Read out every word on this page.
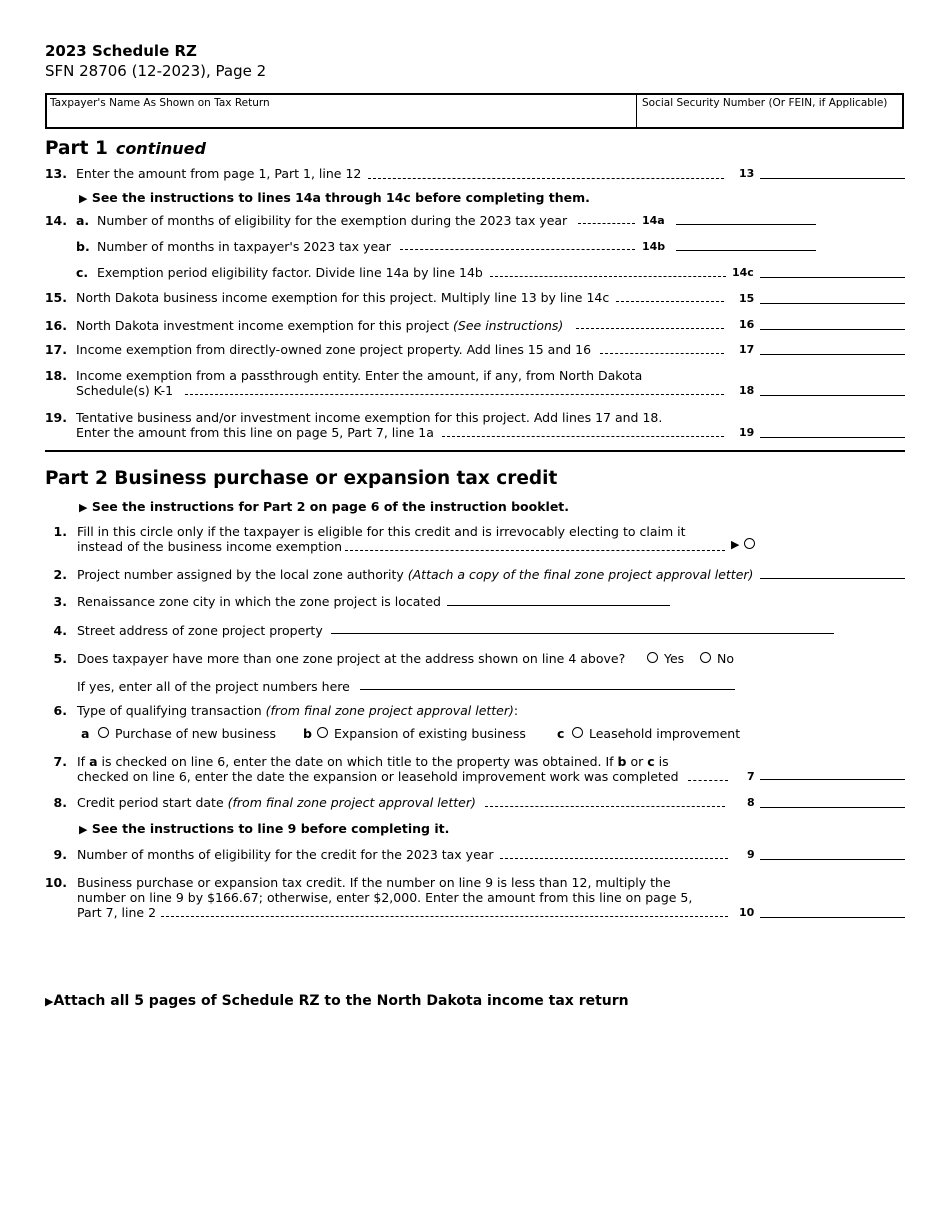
2023 Schedule RZ
SFN 28706 (12-2023), Page 2
Taxpayer's Name As Shown on Tax Return	Social Security Number (Or FEIN, if Applicable)
Part 1 continued
13. Enter the amount from page 1, Part 1, line 12	13
▶ See the instructions to lines 14a through 14c before completing them.
14. a. Number of months of eligibility for the exemption during the 2023 tax year	14a
b. Number of months in taxpayer's 2023 tax year	14b
c. Exemption period eligibility factor. Divide line 14a by line 14b	14c
15. North Dakota business income exemption for this project. Multiply line 13 by line 14c	15
16. North Dakota investment income exemption for this project (See instructions)	16
17. Income exemption from directly-owned zone project property. Add lines 15 and 16	17
18. Income exemption from a passthrough entity. Enter the amount, if any, from North Dakota
Schedule(s) K-1	18
19. Tentative business and/or investment income exemption for this project. Add lines 17 and 18.
Enter the amount from this line on page 5, Part 7, line 1a	19
Part 2 Business purchase or expansion tax credit
▶ See the instructions for Part 2 on page 6 of the instruction booklet.
1. Fill in this circle only if the taxpayer is eligible for this credit and is irrevocably electing to claim it
instead of the business income exemption	▶
2. Project number assigned by the local zone authority (Attach a copy of the final zone project approval letter)
3. Renaissance zone city in which the zone project is located
4. Street address of zone project property
5. Does taxpayer have more than one zone project at the address shown on line 4 above?	Yes	No
If yes, enter all of the project numbers here
6. Type of qualifying transaction (from final zone project approval letter):
a Purchase of new business b Expansion of existing business c Leasehold improvement
7. If a is checked on line 6, enter the date on which title to the property was obtained. If b or c is
checked on line 6, enter the date the expansion or leasehold improvement work was completed	7
8. Credit period start date (from final zone project approval letter)	8
▶ See the instructions to line 9 before completing it.
9. Number of months of eligibility for the credit for the 2023 tax year	9
10. Business purchase or expansion tax credit. If the number on line 9 is less than 12, multiply the
number on line 9 by $166.67; otherwise, enter $2,000. Enter the amount from this line on page 5,
Part 7, line 2	10
▶Attach all 5 pages of Schedule RZ to the North Dakota income tax return
